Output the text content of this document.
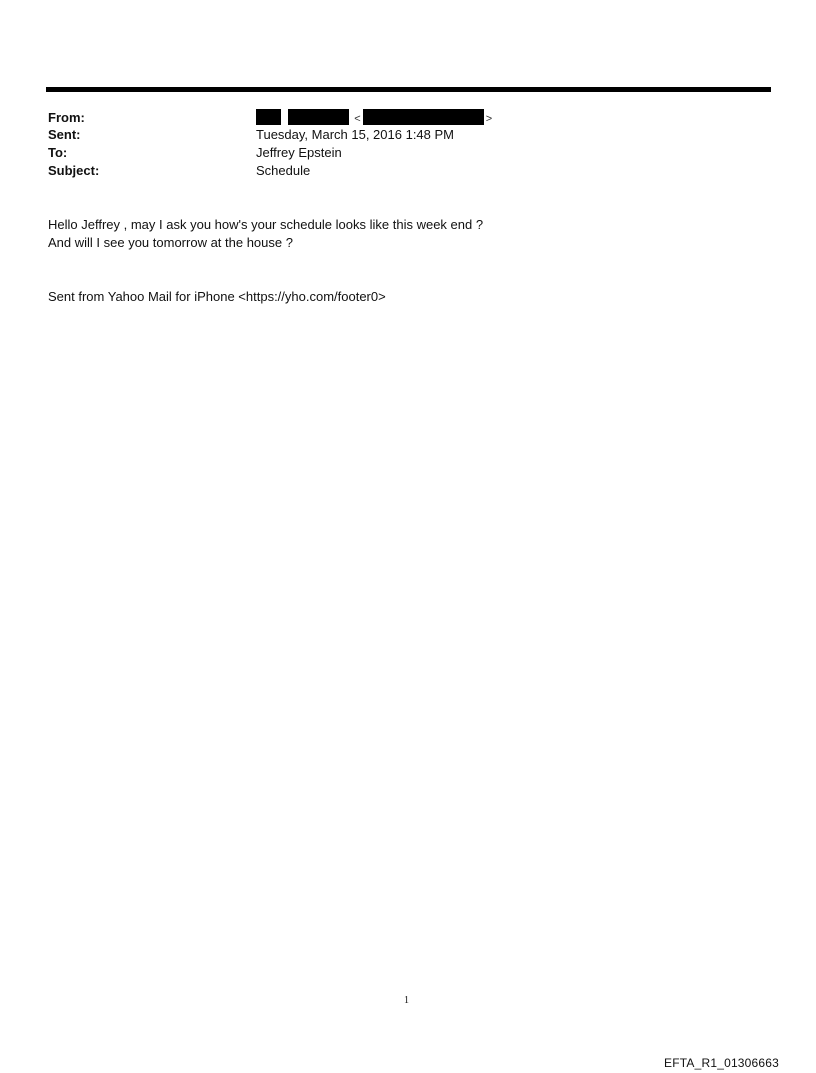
From:	<	>
Sent:	Tuesday, March 15, 2016 1:48 PM
To:	Jeffrey Epstein
Subject:	Schedule
Hello Jeffrey , may I ask you how's your schedule looks like this week end ?
And will I see you tomorrow at the house ?
Sent from Yahoo Mail for iPhone <https://yho.com/footer0>
1
EFTA_R1_01306663
